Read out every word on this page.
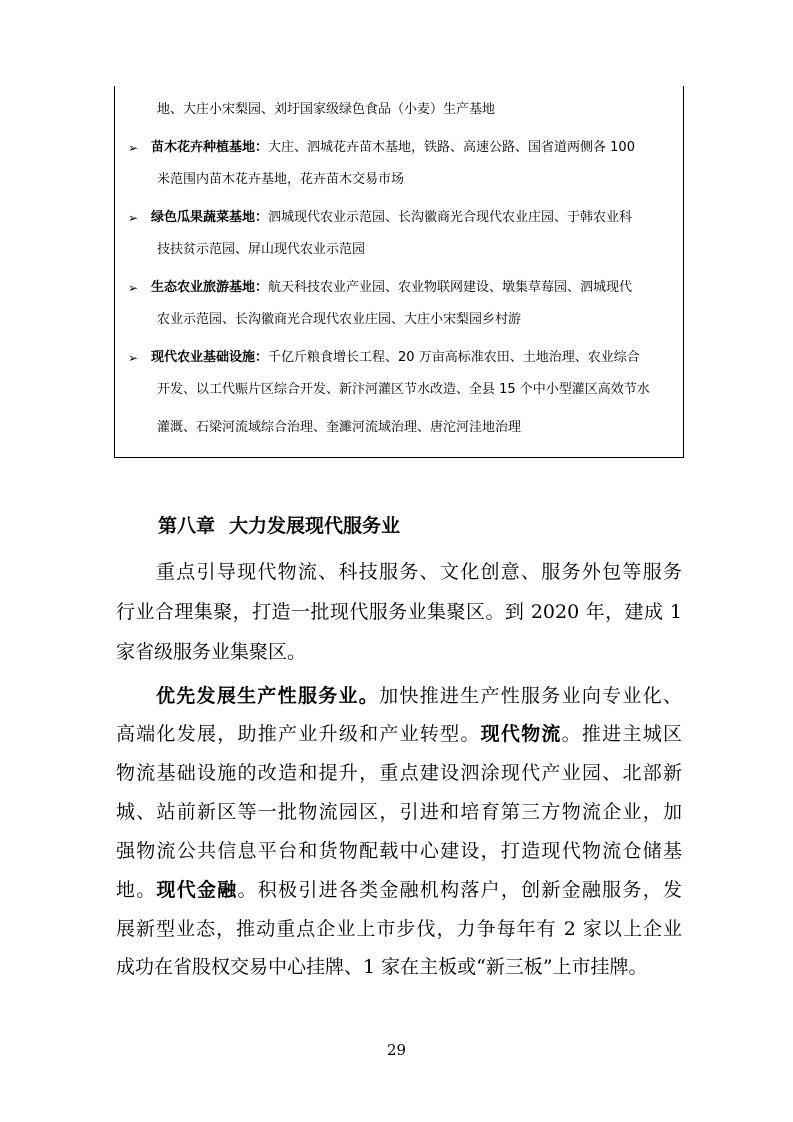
地、大庄小宋梨园、刘圩国家级绿色食品（小麦）生产基地
➢ 苗木花卉种植基地：大庄、泗城花卉苗木基地，铁路、高速公路、国省道两侧各 100
米范围内苗木花卉基地，花卉苗木交易市场
➢ 绿色瓜果蔬菜基地：泗城现代农业示范园、长沟徽商光合现代农业庄园、于韩农业科
技扶贫示范园、屏山现代农业示范园
➢ 生态农业旅游基地：航天科技农业产业园、农业物联网建设、墩集草莓园、泗城现代
农业示范园、长沟徽商光合现代农业庄园、大庄小宋梨园乡村游
➢ 现代农业基础设施：千亿斤粮食增长工程、20 万亩高标准农田、土地治理、农业综合
开发、以工代赈片区综合开发、新汴河灌区节水改造、全县 15 个中小型灌区高效节水
灌溉、石梁河流域综合治理、奎濉河流域治理、唐沱河洼地治理
第八章 大力发展现代服务业
重点引导现代物流、科技服务、文化创意、服务外包等服务
行业合理集聚，打造一批现代服务业集聚区。到 2020 年，建成 1
家省级服务业集聚区。
优先发展生产性服务业。加快推进生产性服务业向专业化、
高端化发展，助推产业升级和产业转型。现代物流。推进主城区
物流基础设施的改造和提升，重点建设泗涂现代产业园、北部新
城、站前新区等一批物流园区，引进和培育第三方物流企业，加
强物流公共信息平台和货物配载中心建设，打造现代物流仓储基
地。现代金融。积极引进各类金融机构落户，创新金融服务，发
展新型业态，推动重点企业上市步伐，力争每年有 2 家以上企业
成功在省股权交易中心挂牌、1 家在主板或“新三板”上市挂牌。
29
